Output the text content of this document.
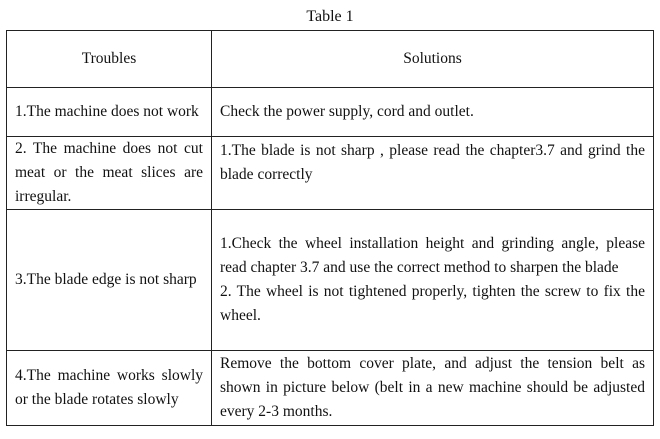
Table 1
Troubles	Solutions
1.The machine does not work	Check the power supply, cord and outlet.

2. The machine does not cut meat or the meat slices are irregular.	1.The blade is not sharp , please read the chapter3.7 and grind the blade correctly

3.The blade edge is not sharp	1.Check the wheel installation height and grinding angle, please read chapter 3.7 and use the correct method to sharpen the blade
2. The wheel is not tightened properly, tighten the screw to fix the wheel.

4.The machine works slowly or the blade rotates slowly	Remove the bottom cover plate, and adjust the tension belt as shown in picture below (belt in a new machine should be adjusted every 2-3 months.
